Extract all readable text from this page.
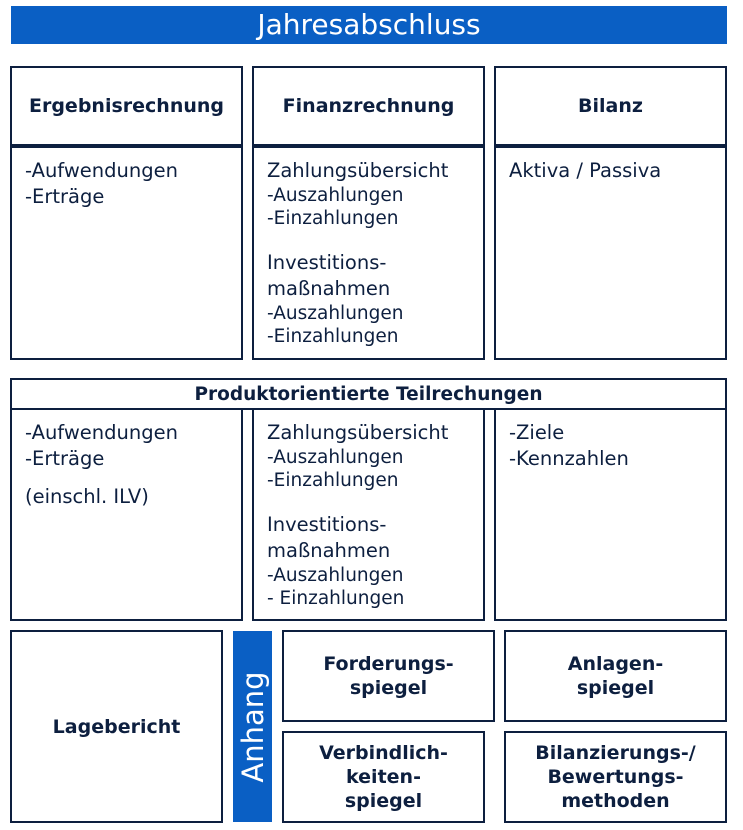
Jahresabschluss
Ergebnisrechnung	Finanzrechnung	Bilanz

-Aufwendungen

-Erträge

Zahlungsübersicht

-Auszahlungen

-Einzahlungen

Investitions-

maßnahmen

-Auszahlungen

-Einzahlungen

Aktiva / Passiva

Produktorientierte Teilrechungen

-Aufwendungen

-Erträge

(einschl. ILV)

Zahlungsübersicht

-Auszahlungen

-Einzahlungen

Investitions-

maßnahmen

-Auszahlungen

- Einzahlungen

-Ziele

-Kennzahlen

Lagebericht	Anhang
Forderungs-
spiegel
Anlagen-
spiegel
Verbindlich-
keiten-
spiegel
Bilanzierungs-/
Bewertungs-
methoden
